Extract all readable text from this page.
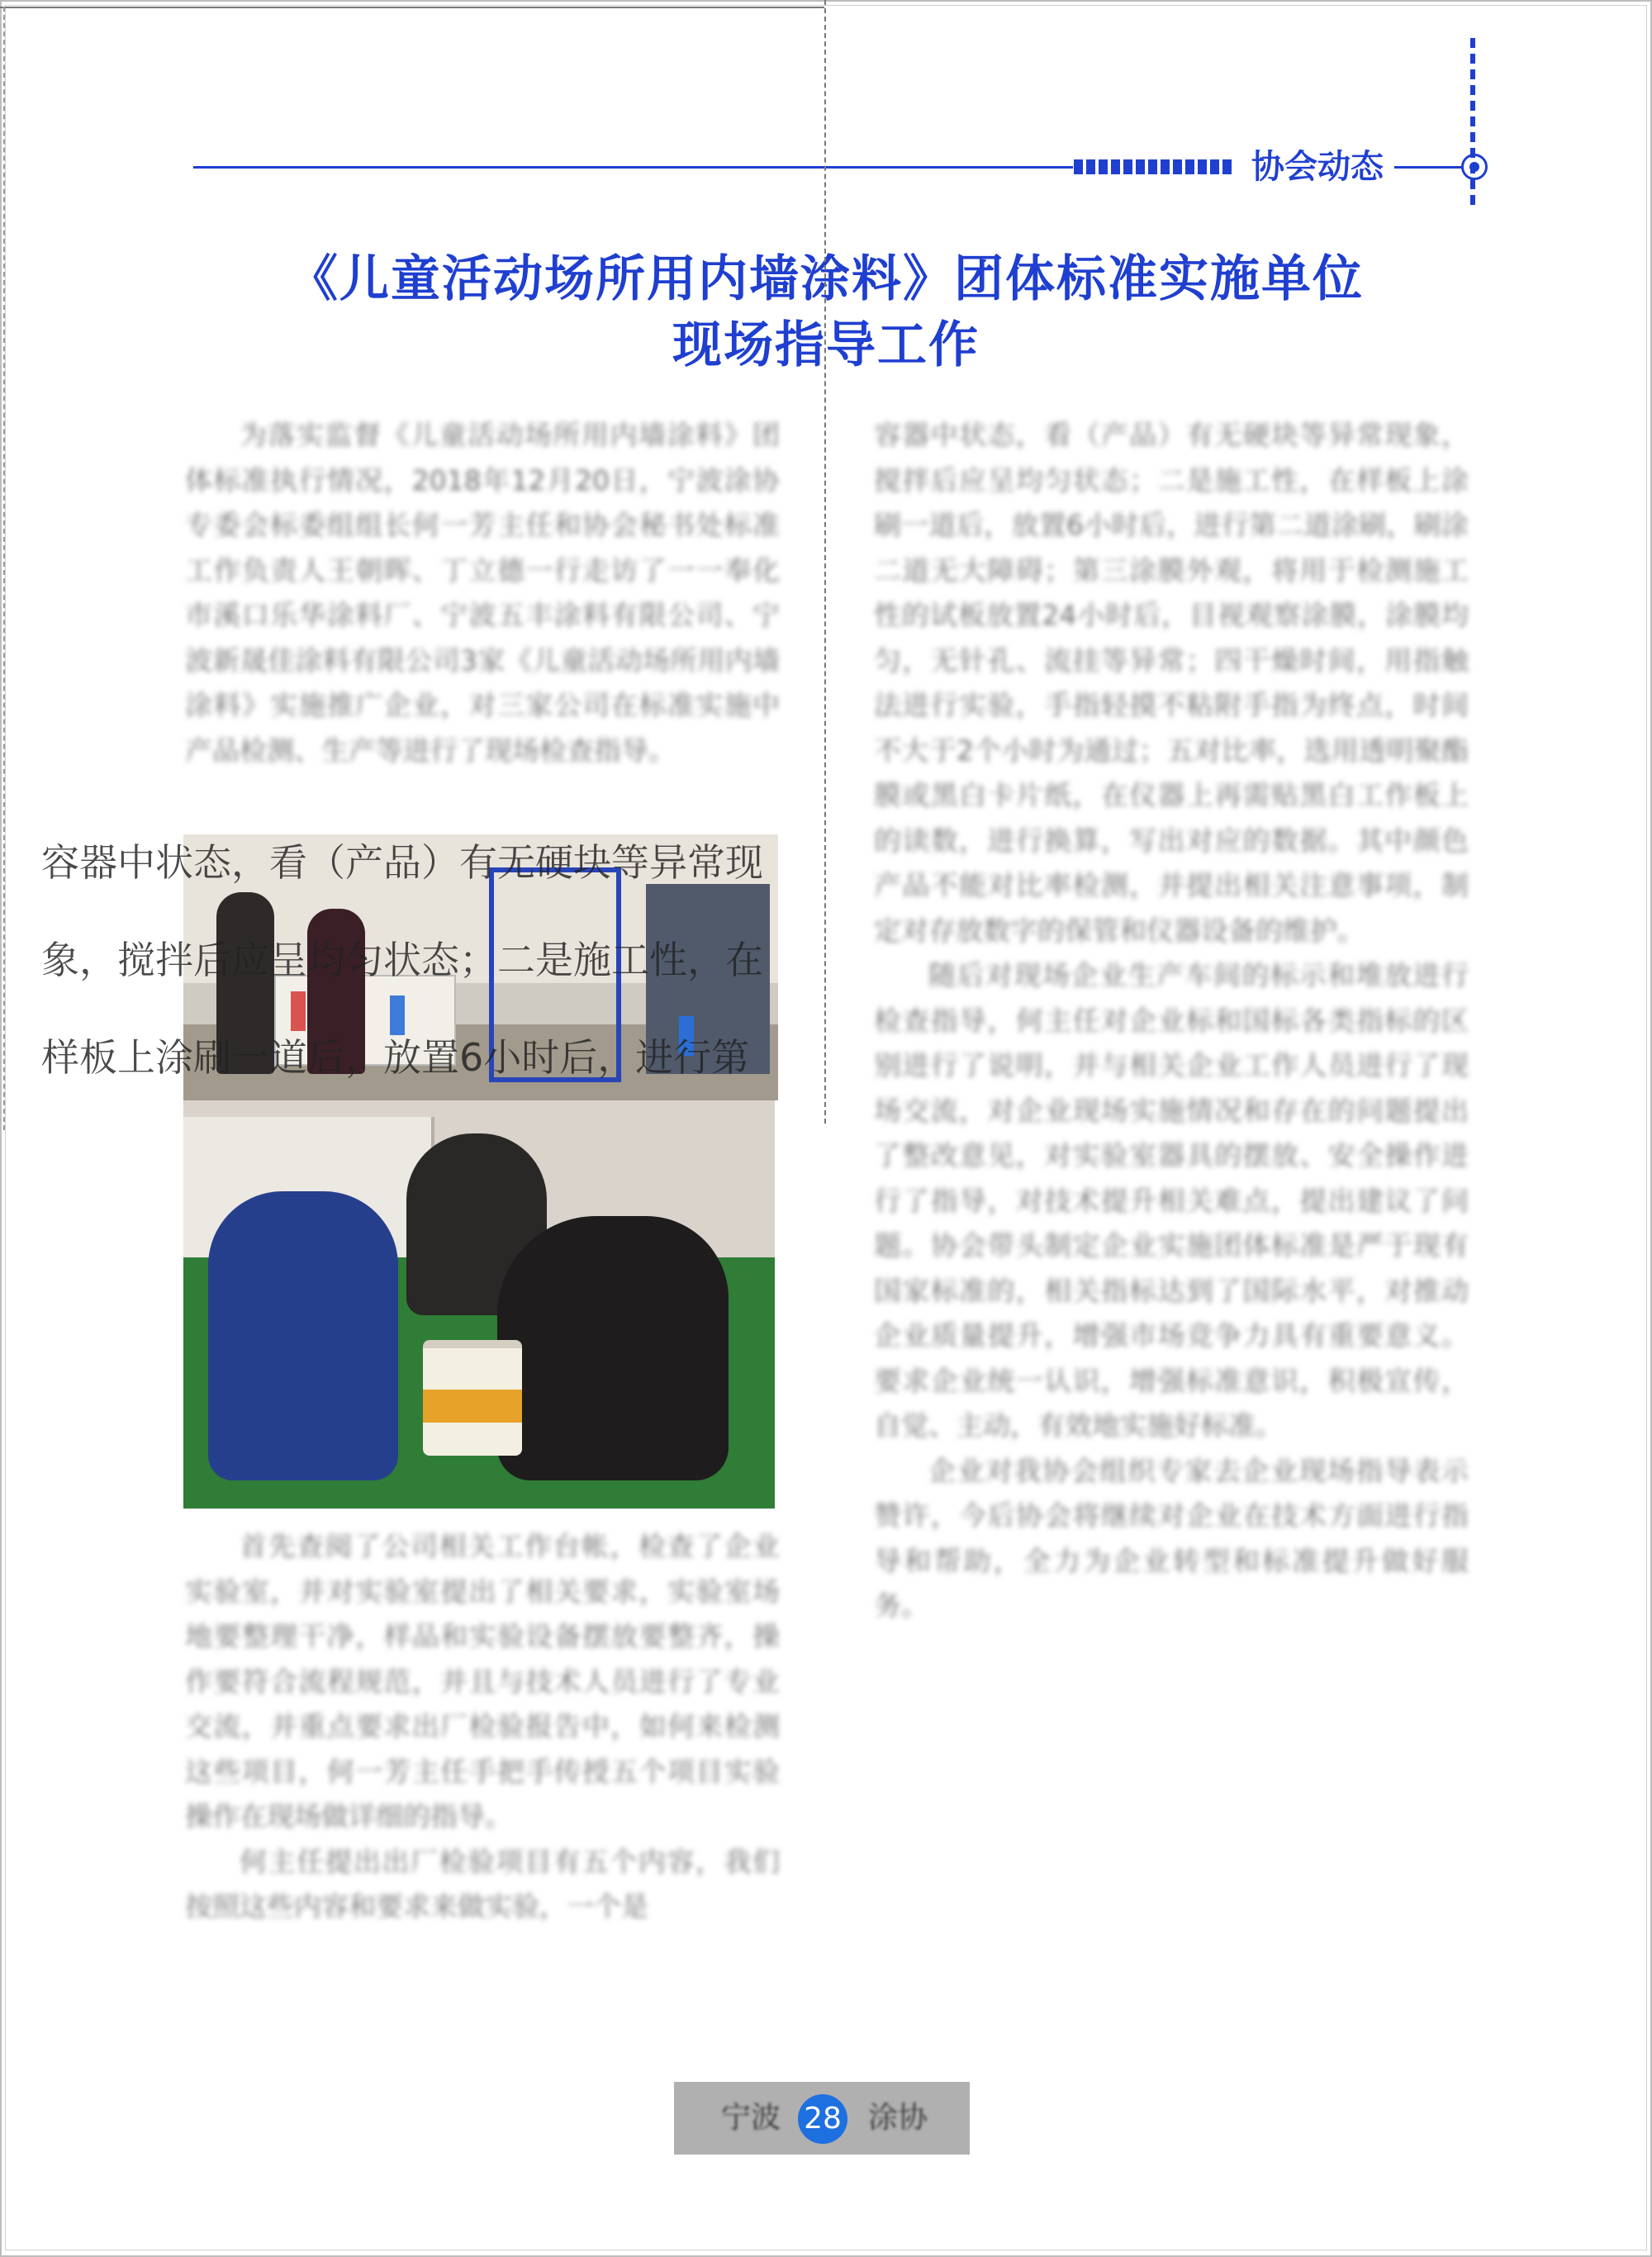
协会动态
《儿童活动场所用内墙涂料》团体标准实施单位
现场指导工作

为落实监督《儿童活动场所用内墙涂料》团体标准执行情况，2018年12月20日，宁波涂协专委会标委组组长何一芳主任和协会秘书处标准工作负责人王朝晖、丁立德一行走访了一一奉化市溪口乐华涂料厂、宁波五丰涂料有限公司、宁波新晟佳涂料有限公司3家《儿童活动场所用内墙涂料》实施推广企业，对三家公司在标准实施中产品检测、生产等进行了现场检查指导。

容器中状态，看（产品）有无硬块等异常现
象，搅拌后应呈均匀状态；二是施工性，在
样板上涂刷一道后，放置6小时后，进行第

首先查阅了公司相关工作台帐，检查了企业实验室，并对实验室提出了相关要求，实验室场地要整理干净，样品和实验设备摆放要整齐，操作要符合流程规范，并且与技术人员进行了专业交流，并重点要求出厂检验报告中，如何来检测这些项目，何一芳主任手把手传授五个项目实验操作在现场做详细的指导。

何主任提出出厂检验项目有五个内容，我们按照这些内容和要求来做实验，一个是

容器中状态，看（产品）有无硬块等异常现象，搅拌后应呈均匀状态；二是施工性，在样板上涂刷一道后，放置6小时后，进行第二道涂刷，刷涂二道无大障碍；第三涂膜外观，将用于检测施工性的试板放置24小时后，目视观察涂膜，涂膜均匀，无针孔、流挂等异常；四干燥时间，用指触法进行实验，手指轻摸不粘附手指为终点，时间不大于2个小时为通过；五对比率，选用透明聚酯膜或黑白卡片纸，在仪器上再需贴黑白工作板上的读数，进行换算，写出对应的数据。其中颜色产品不能对比率检测，并提出相关注意事项，制定对存放数字的保管和仪器设备的维护。

随后对现场企业生产车间的标示和堆放进行检查指导，何主任对企业标和国标各类指标的区别进行了说明，并与相关企业工作人员进行了现场交流，对企业现场实施情况和存在的问题提出了整改意见，对实验室器具的摆放、安全操作进行了指导，对技术提升相关难点，提出建议了问题。协会带头制定企业实施团体标准是严于现有国家标准的，相关指标达到了国际水平，对推动企业质量提升，增强市场竞争力具有重要意义。要求企业统一认识，增强标准意识，积极宣传，自觉、主动，有效地实施好标准。

企业对我协会组织专家去企业现场指导表示赞许，今后协会将继续对企业在技术方面进行指导和帮助，全力为企业转型和标准提升做好服务。

宁波 28 涂协
